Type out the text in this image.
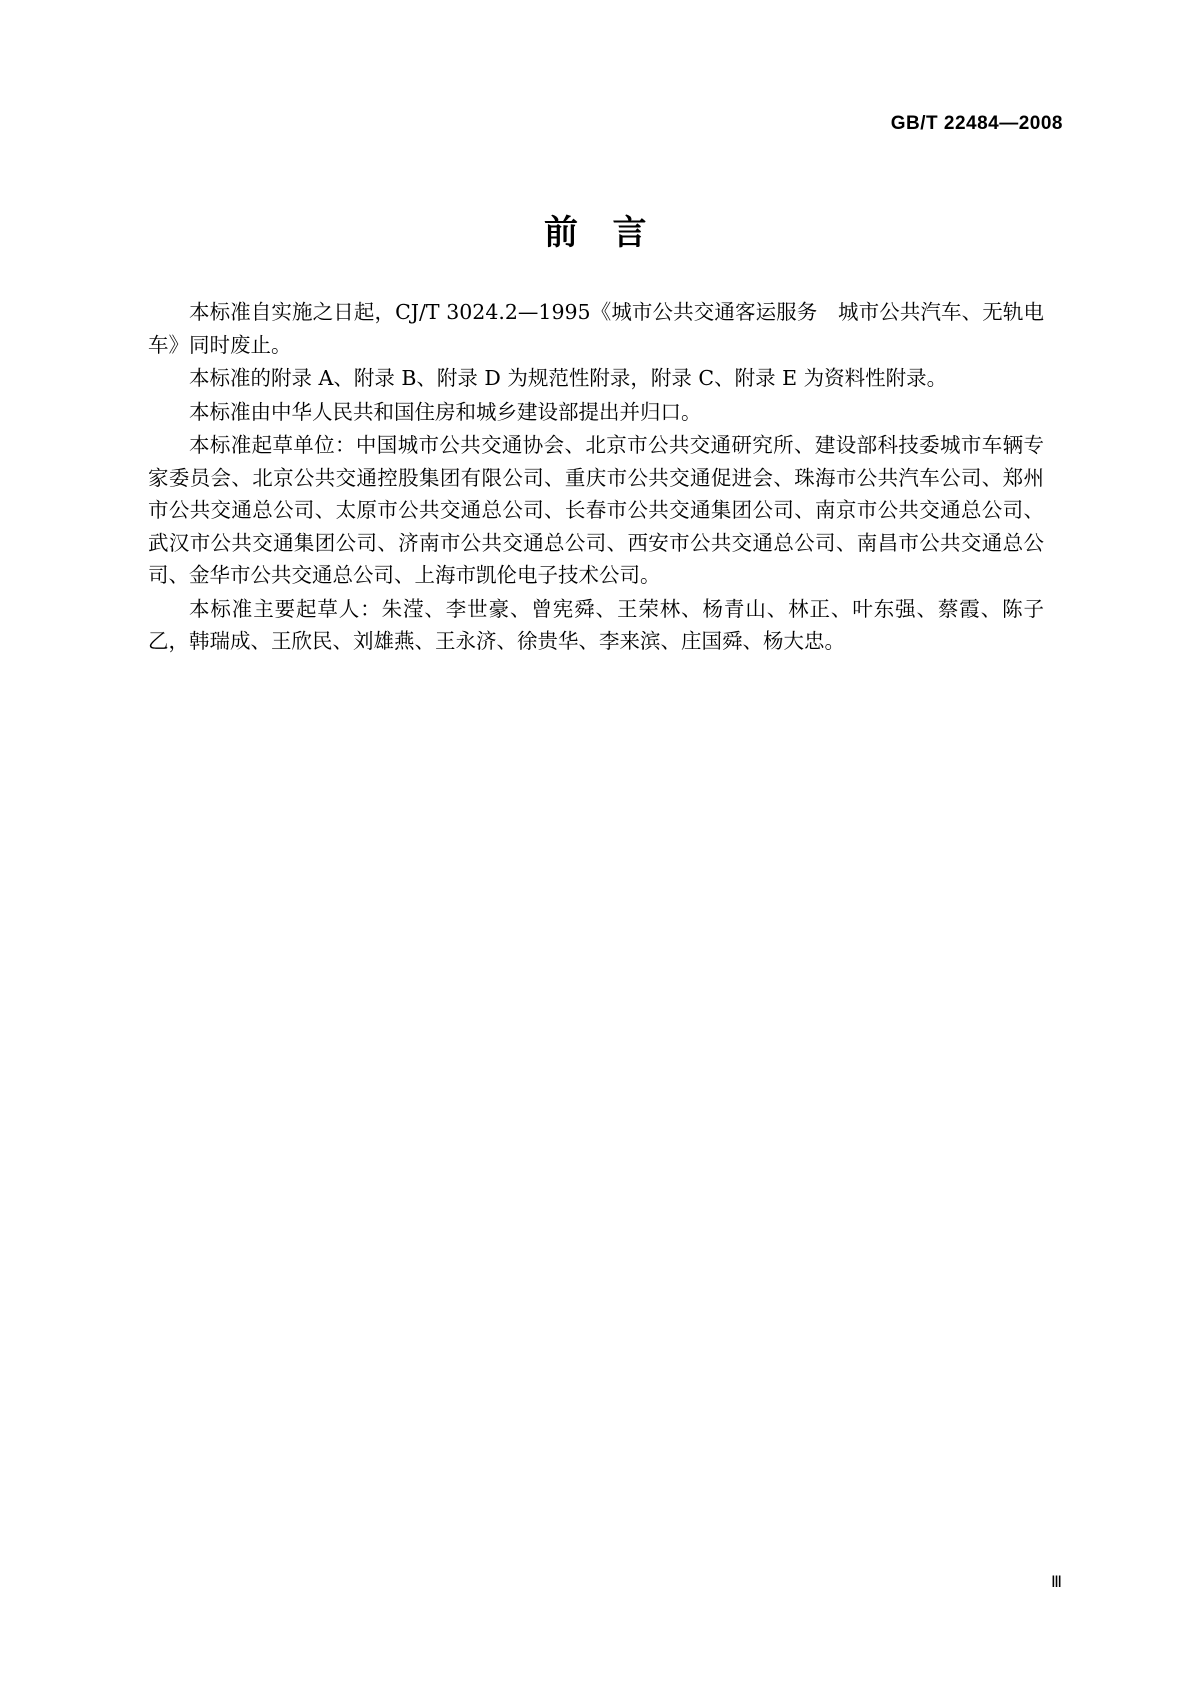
GB/T 22484—2008
前 言

本标准自实施之日起，CJ/T 3024.2—1995《城市公共交通客运服务　城市公共汽车、无轨电车》同时废止。

本标准的附录 A、附录 B、附录 D 为规范性附录，附录 C、附录 E 为资料性附录。

本标准由中华人民共和国住房和城乡建设部提出并归口。

本标准起草单位：中国城市公共交通协会、北京市公共交通研究所、建设部科技委城市车辆专家委员会、北京公共交通控股集团有限公司、重庆市公共交通促进会、珠海市公共汽车公司、郑州市公共交通总公司、太原市公共交通总公司、长春市公共交通集团公司、南京市公共交通总公司、武汉市公共交通集团公司、济南市公共交通总公司、西安市公共交通总公司、南昌市公共交通总公司、金华市公共交通总公司、上海市凯伦电子技术公司。

本标准主要起草人：朱滢、李世豪、曾宪舜、王荣林、杨青山、林正、叶东强、蔡霞、陈子乙，韩瑞成、王欣民、刘雄燕、王永济、徐贵华、李来滨、庄国舜、杨大忠。

Ⅲ
